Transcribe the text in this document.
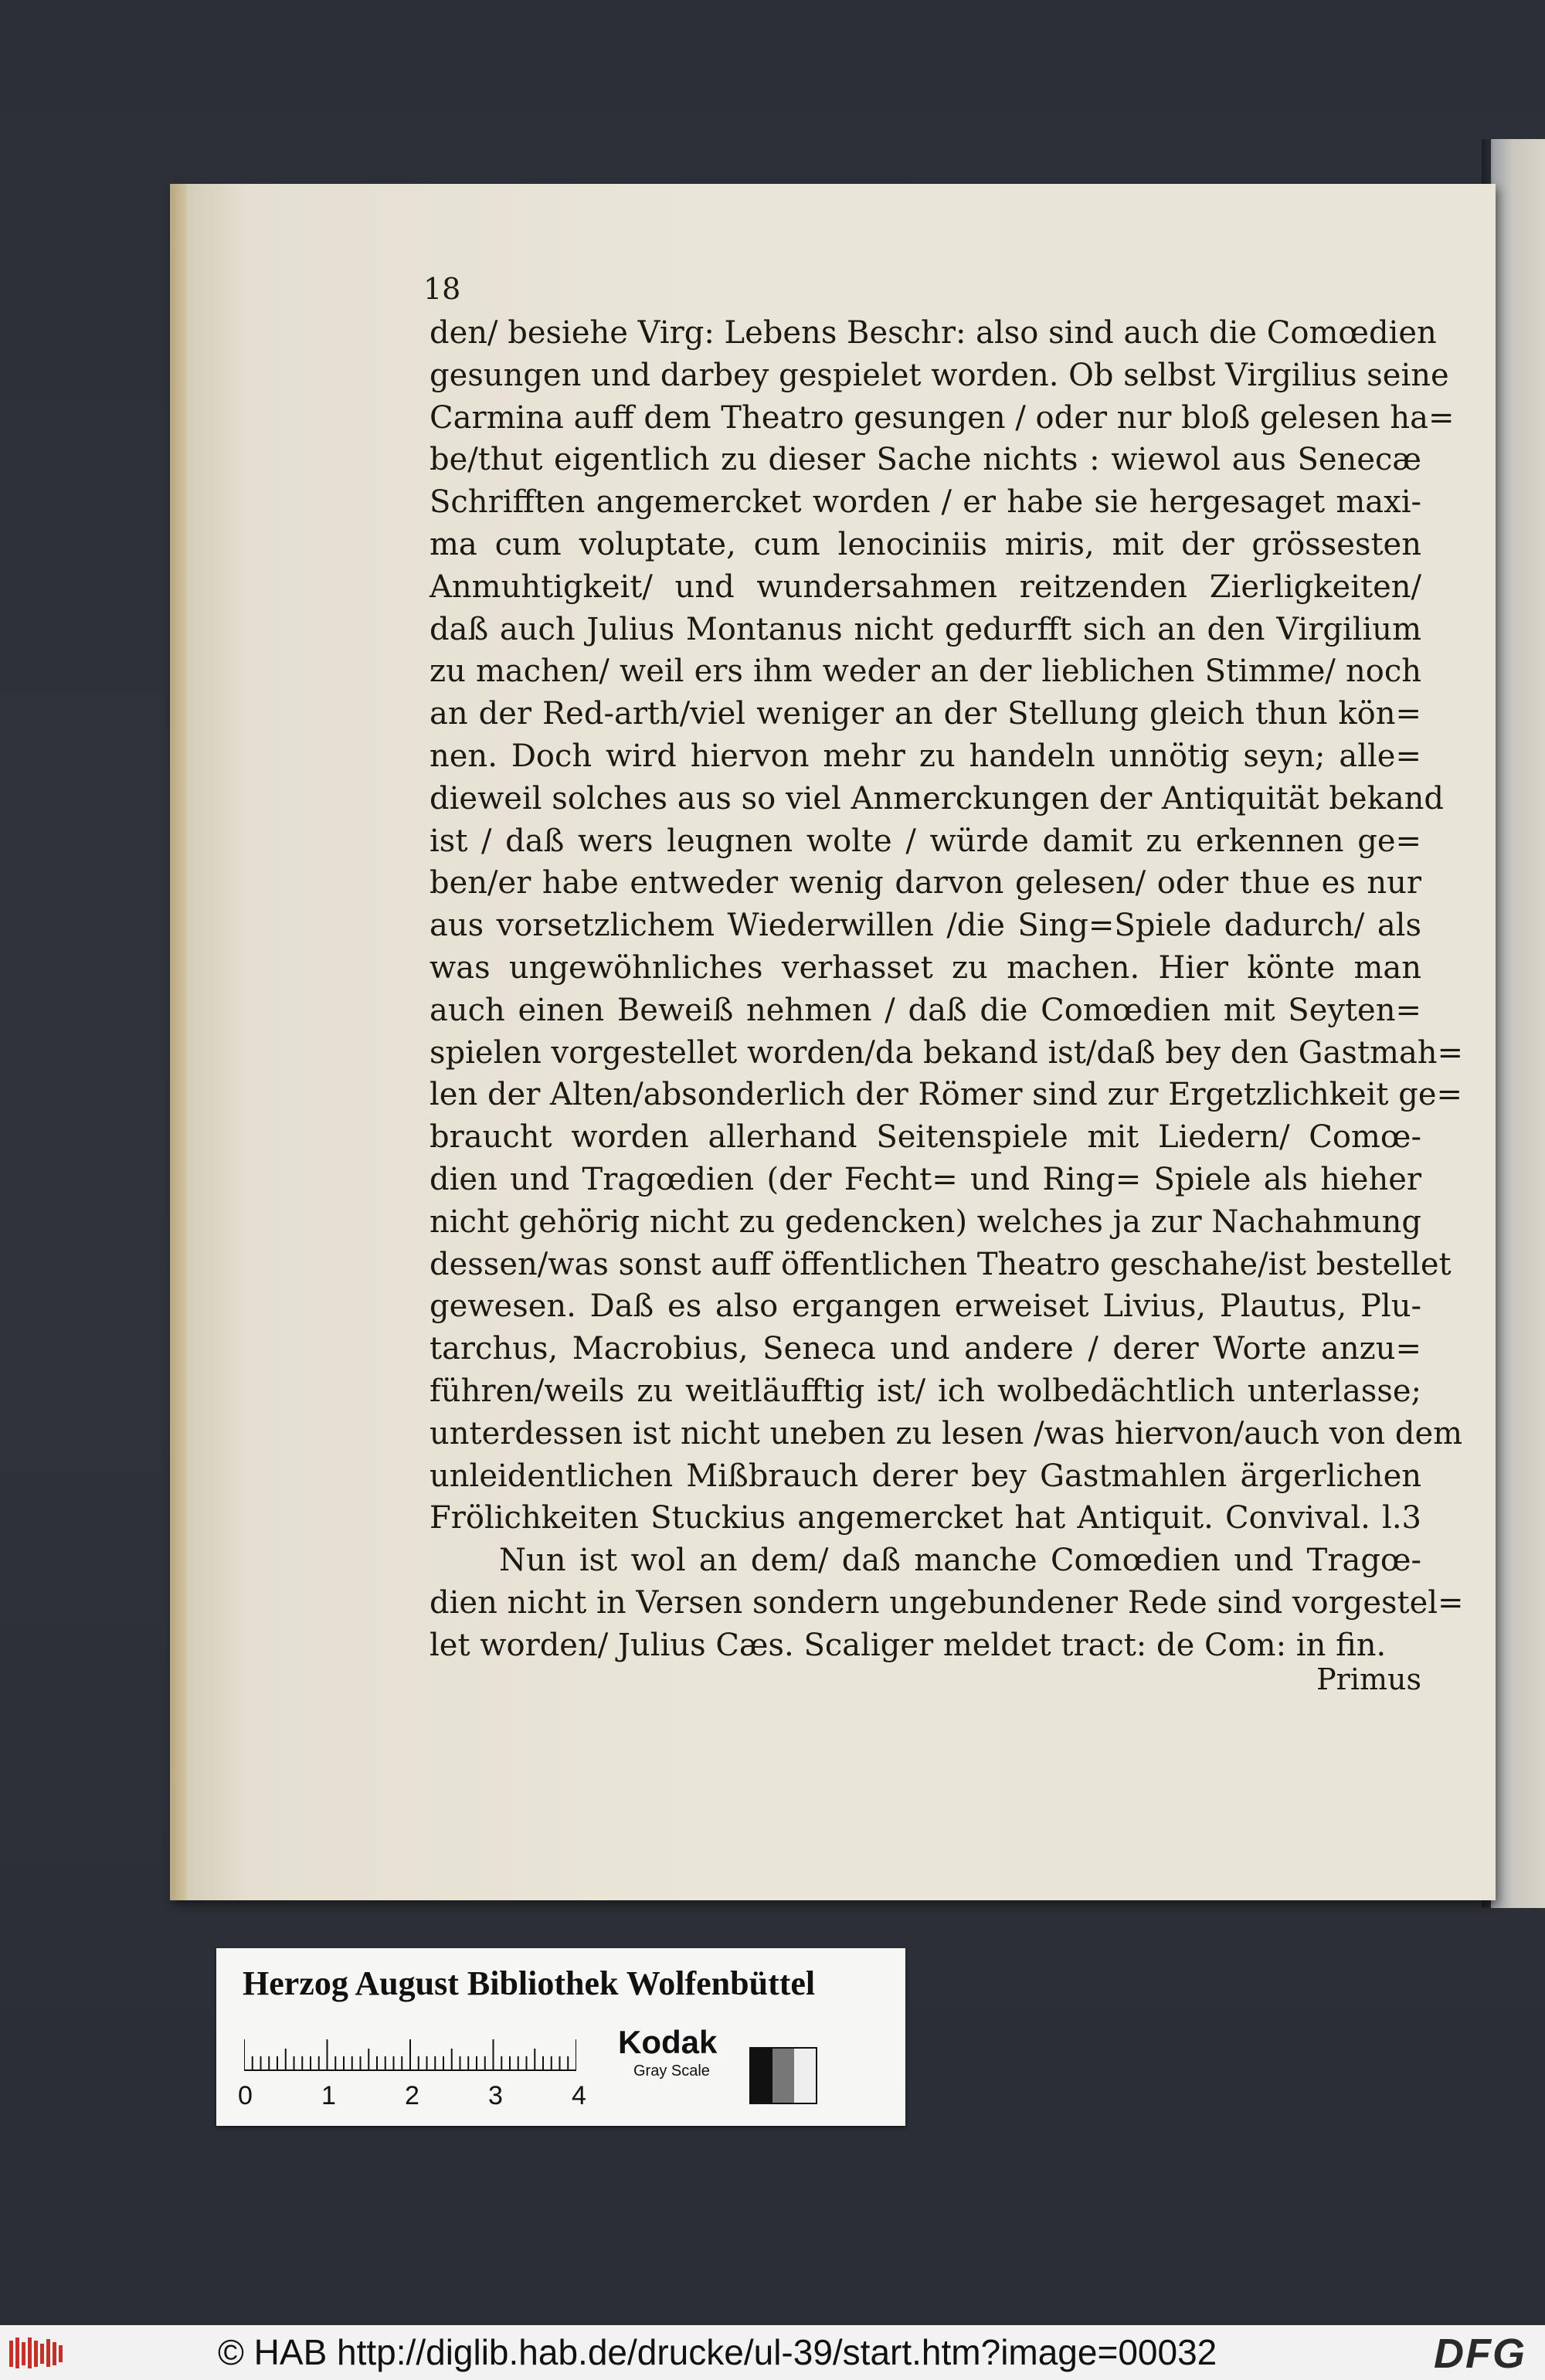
18
den/ besiehe Virg: Lebens Beschr: also sind auch die Comœdien
gesungen und darbey gespielet worden. Ob selbst Virgilius seine
Carmina auff dem Theatro gesungen / oder nur bloß gelesen ha=
be/thut eigentlich zu dieser Sache nichts : wiewol aus Senecæ
Schrifften angemercket worden / er habe sie hergesaget maxi-
ma cum voluptate, cum lenociniis miris, mit der grössesten
Anmuhtigkeit/ und wundersahmen reitzenden Zierligkeiten/
daß auch Julius Montanus nicht gedurfft sich an den Virgilium
zu machen/ weil ers ihm weder an der lieblichen Stimme/ noch
an der Red-arth/viel weniger an der Stellung gleich thun kön=
nen. Doch wird hiervon mehr zu handeln unnötig seyn; alle=
dieweil solches aus so viel Anmerckungen der Antiquität bekand
ist / daß wers leugnen wolte / würde damit zu erkennen ge=
ben/er habe entweder wenig darvon gelesen/ oder thue es nur
aus vorsetzlichem Wiederwillen /die Sing=Spiele dadurch/ als
was ungewöhnliches verhasset zu machen. Hier könte man
auch einen Beweiß nehmen / daß die Comœdien mit Seyten=
spielen vorgestellet worden/da bekand ist/daß bey den Gastmah=
len der Alten/absonderlich der Römer sind zur Ergetzlichkeit ge=
braucht worden allerhand Seitenspiele mit Liedern/ Comœ-
dien und Tragœdien (der Fecht= und Ring= Spiele als hieher
nicht gehörig nicht zu gedencken) welches ja zur Nachahmung
dessen/was sonst auff öffentlichen Theatro geschahe/ist bestellet
gewesen. Daß es also ergangen erweiset Livius, Plautus, Plu-
tarchus, Macrobius, Seneca und andere / derer Worte anzu=
führen/weils zu weitläufftig ist/ ich wolbedächtlich unterlasse;
unterdessen ist nicht uneben zu lesen /was hiervon/auch von dem
unleidentlichen Mißbrauch derer bey Gastmahlen ärgerlichen
Frölichkeiten Stuckius angemercket hat Antiquit. Convival. l.3
Nun ist wol an dem/ daß manche Comœdien und Tragœ-
dien nicht in Versen sondern ungebundener Rede sind vorgestel=
let worden/ Julius Cæs. Scaliger meldet tract: de Com: in fin.
Primus
Herzog August Bibliothek Wolfenbüttel
0	1	2	3	4
Kodak
Gray Scale
© HAB http://diglib.hab.de/drucke/ul-39/start.htm?image=00032	DFG
